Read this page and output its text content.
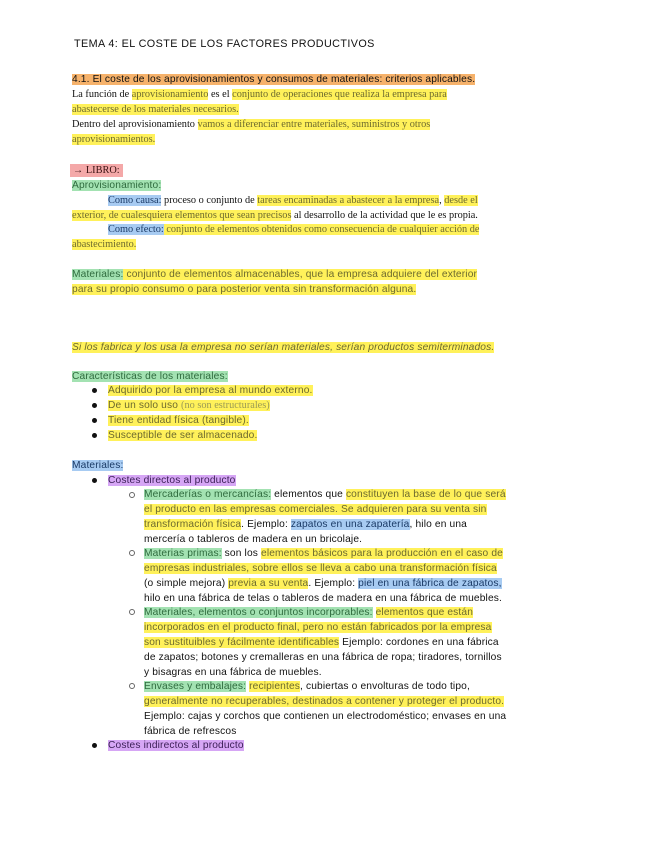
TEMA 4: EL COSTE DE LOS FACTORES PRODUCTIVOS
4.1. El coste de los aprovisionamientos y consumos de materiales: criterios aplicables.
La función de aprovisionamiento es el conjunto de operaciones que realiza la empresa para
abastecerse de los materiales necesarios.
Dentro del aprovisionamiento vamos a diferenciar entre materiales, suministros y otros
aprovisionamientos.
→ LIBRO:
Aprovisionamiento:
Como causa: proceso o conjunto de tareas encaminadas a abastecer a la empresa, desde el
exterior, de cualesquiera elementos que sean precisos al desarrollo de la actividad que le es propia.
Como efecto: conjunto de elementos obtenidos como consecuencia de cualquier acción de
abastecimiento.
Materiales: conjunto de elementos almacenables, que la empresa adquiere del exterior
para su propio consumo o para posterior venta sin transformación alguna.
Si los fabrica y los usa la empresa no serían materiales, serían productos semiterminados.
Características de los materiales:
Adquirido por la empresa al mundo externo.
De un solo uso (no son estructurales)
Tiene entidad física (tangible).
Susceptible de ser almacenado.
Materiales:
Costes directos al producto
Mercaderías o mercancías: elementos que constituyen la base de lo que será
el producto en las empresas comerciales. Se adquieren para su venta sin
transformación física. Ejemplo: zapatos en una zapatería, hilo en una
mercería o tableros de madera en un bricolaje.
Materias primas: son los elementos básicos para la producción en el caso de
empresas industriales, sobre ellos se lleva a cabo una transformación física
(o simple mejora) previa a su venta. Ejemplo: piel en una fábrica de zapatos,
hilo en una fábrica de telas o tableros de madera en una fábrica de muebles.
Materiales, elementos o conjuntos incorporables: elementos que están
incorporados en el producto final, pero no están fabricados por la empresa
son sustituibles y fácilmente identificables Ejemplo: cordones en una fábrica
de zapatos; botones y cremalleras en una fábrica de ropa; tiradores, tornillos
y bisagras en una fábrica de muebles.
Envases y embalajes: recipientes, cubiertas o envolturas de todo tipo,
generalmente no recuperables, destinados a contener y proteger el producto.
Ejemplo: cajas y corchos que contienen un electrodoméstico; envases en una
fábrica de refrescos
Costes indirectos al producto
